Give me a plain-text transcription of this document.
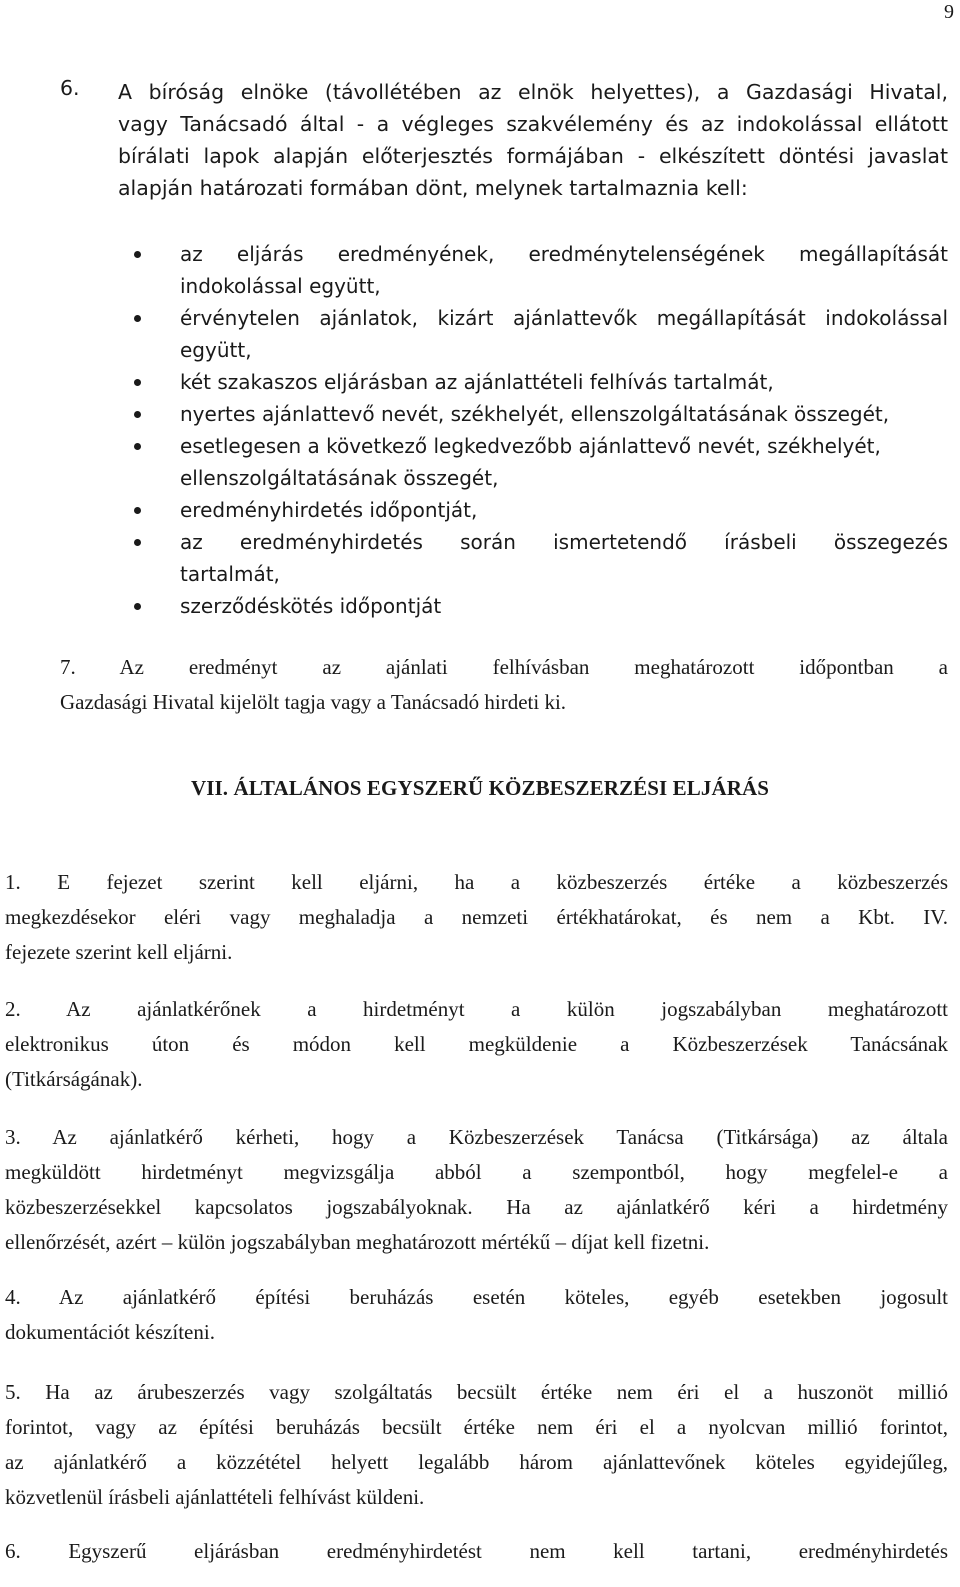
9
6. A bíróság elnöke (távollétében az elnök helyettes), a Gazdasági Hivatal,
vagy Tanácsadó által - a végleges szakvélemény és az indokolással ellátott
bírálati lapok alapján előterjesztés formájában - elkészített döntési javaslat
alapján határozati formában dönt, melynek tartalmaznia kell:
az eljárás eredményének, eredménytelenségének megállapítását
indokolással együtt,
érvénytelen ajánlatok, kizárt ajánlattevők megállapítását indokolással
együtt,
két szakaszos eljárásban az ajánlattételi felhívás tartalmát,
nyertes ajánlattevő nevét, székhelyét, ellenszolgáltatásának összegét,
esetlegesen a következő legkedvezőbb ajánlattevő nevét, székhelyét,
ellenszolgáltatásának összegét,
eredményhirdetés időpontját,
az eredményhirdetés során ismertetendő írásbeli összegezés
tartalmát,
szerződéskötés időpontját
7. Az eredményt az ajánlati felhívásban meghatározott időpontban a
Gazdasági Hivatal kijelölt tagja vagy a Tanácsadó hirdeti ki.
VII. ÁLTALÁNOS EGYSZERŰ KÖZBESZERZÉSI ELJÁRÁS
1. E fejezet szerint kell eljárni, ha a közbeszerzés értéke a közbeszerzés
megkezdésekor eléri vagy meghaladja a nemzeti értékhatárokat, és nem a Kbt. IV.
fejezete szerint kell eljárni.
2. Az ajánlatkérőnek a hirdetményt a külön jogszabályban meghatározott
elektronikus úton és módon kell megküldenie a Közbeszerzések Tanácsának
(Titkárságának).
3. Az ajánlatkérő kérheti, hogy a Közbeszerzések Tanácsa (Titkársága) az általa
megküldött hirdetményt megvizsgálja abból a szempontból, hogy megfelel-e a
közbeszerzésekkel kapcsolatos jogszabályoknak. Ha az ajánlatkérő kéri a hirdetmény
ellenőrzését, azért – külön jogszabályban meghatározott mértékű – díjat kell fizetni.
4. Az ajánlatkérő építési beruházás esetén köteles, egyéb esetekben jogosult
dokumentációt készíteni.
5. Ha az árubeszerzés vagy szolgáltatás becsült értéke nem éri el a huszonöt millió
forintot, vagy az építési beruházás becsült értéke nem éri el a nyolcvan millió forintot,
az ajánlatkérő a közzététel helyett legalább három ajánlattevőnek köteles egyidejűleg,
közvetlenül írásbeli ajánlattételi felhívást küldeni.
6. Egyszerű eljárásban eredményhirdetést nem kell tartani, eredményhirdetés
